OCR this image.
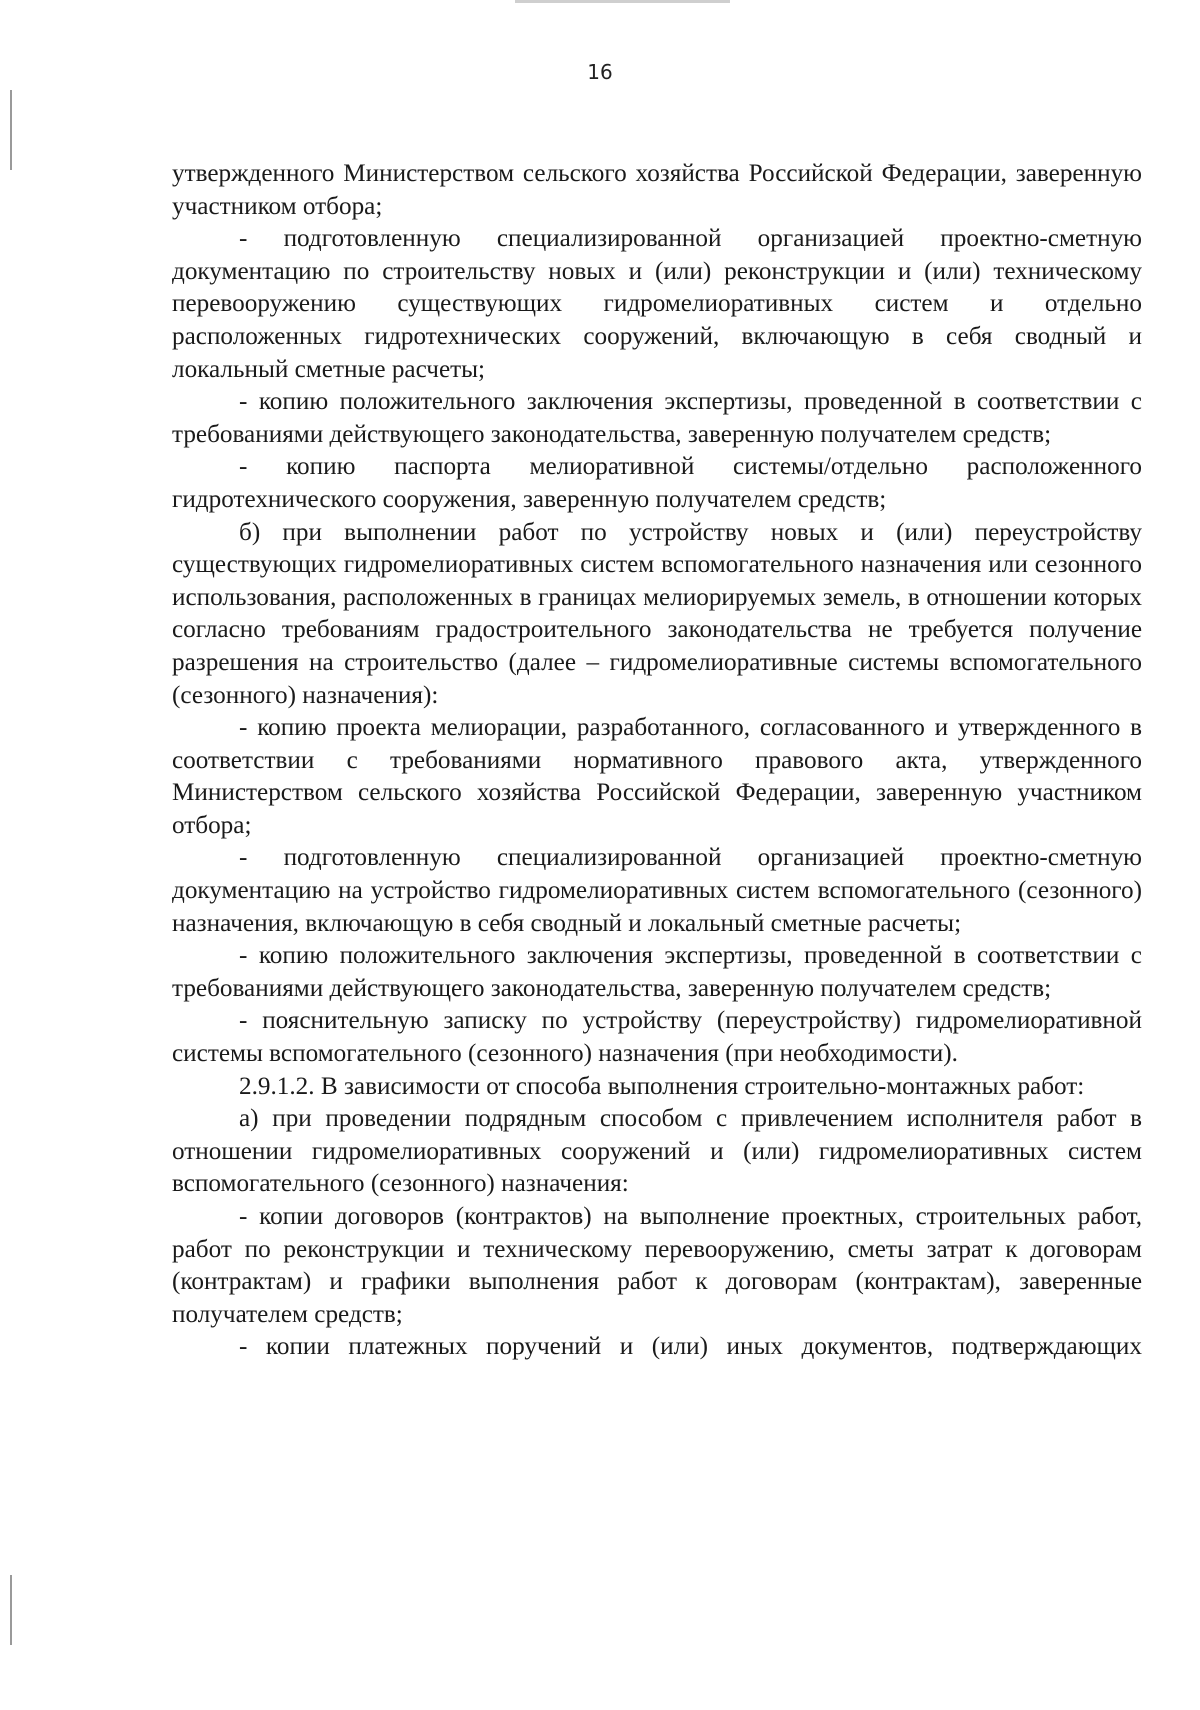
16

утвержденного Министерством сельского хозяйства Российской Федерации, заверенную участником отбора;

- подготовленную специализированной организацией проектно-сметную документацию по строительству новых и (или) реконструкции и (или) техническому перевооружению существующих гидромелиоративных систем и отдельно расположенных гидротехнических сооружений, включающую в себя сводный и локальный сметные расчеты;

- копию положительного заключения экспертизы, проведенной в соответствии с требованиями действующего законодательства, заверенную получателем средств;

- копию паспорта мелиоративной системы/отдельно расположенного гидротехнического сооружения, заверенную получателем средств;

б) при выполнении работ по устройству новых и (или) переустройству существующих гидромелиоративных систем вспомогательного назначения или сезонного использования, расположенных в границах мелиорируемых земель, в отношении которых согласно требованиям градостроительного законодательства не требуется получение разрешения на строительство (далее – гидромелиоративные системы вспомогательного (сезонного) назначения):

- копию проекта мелиорации, разработанного, согласованного и утвержденного в соответствии с требованиями нормативного правового акта, утвержденного Министерством сельского хозяйства Российской Федерации, заверенную участником отбора;

- подготовленную специализированной организацией проектно-сметную документацию на устройство гидромелиоративных систем вспомогательного (сезонного) назначения, включающую в себя сводный и локальный сметные расчеты;

- копию положительного заключения экспертизы, проведенной в соответствии с требованиями действующего законодательства, заверенную получателем средств;

- пояснительную записку по устройству (переустройству) гидромелиоративной системы вспомогательного (сезонного) назначения (при необходимости).

2.9.1.2. В зависимости от способа выполнения строительно-монтажных работ:

а) при проведении подрядным способом с привлечением исполнителя работ в отношении гидромелиоративных сооружений и (или) гидромелиоративных систем вспомогательного (сезонного) назначения:

- копии договоров (контрактов) на выполнение проектных, строительных работ, работ по реконструкции и техническому перевооружению, сметы затрат к договорам (контрактам) и графики выполнения работ к договорам (контрактам), заверенные получателем средств;

- копии платежных поручений и (или) иных документов, подтверждающих
